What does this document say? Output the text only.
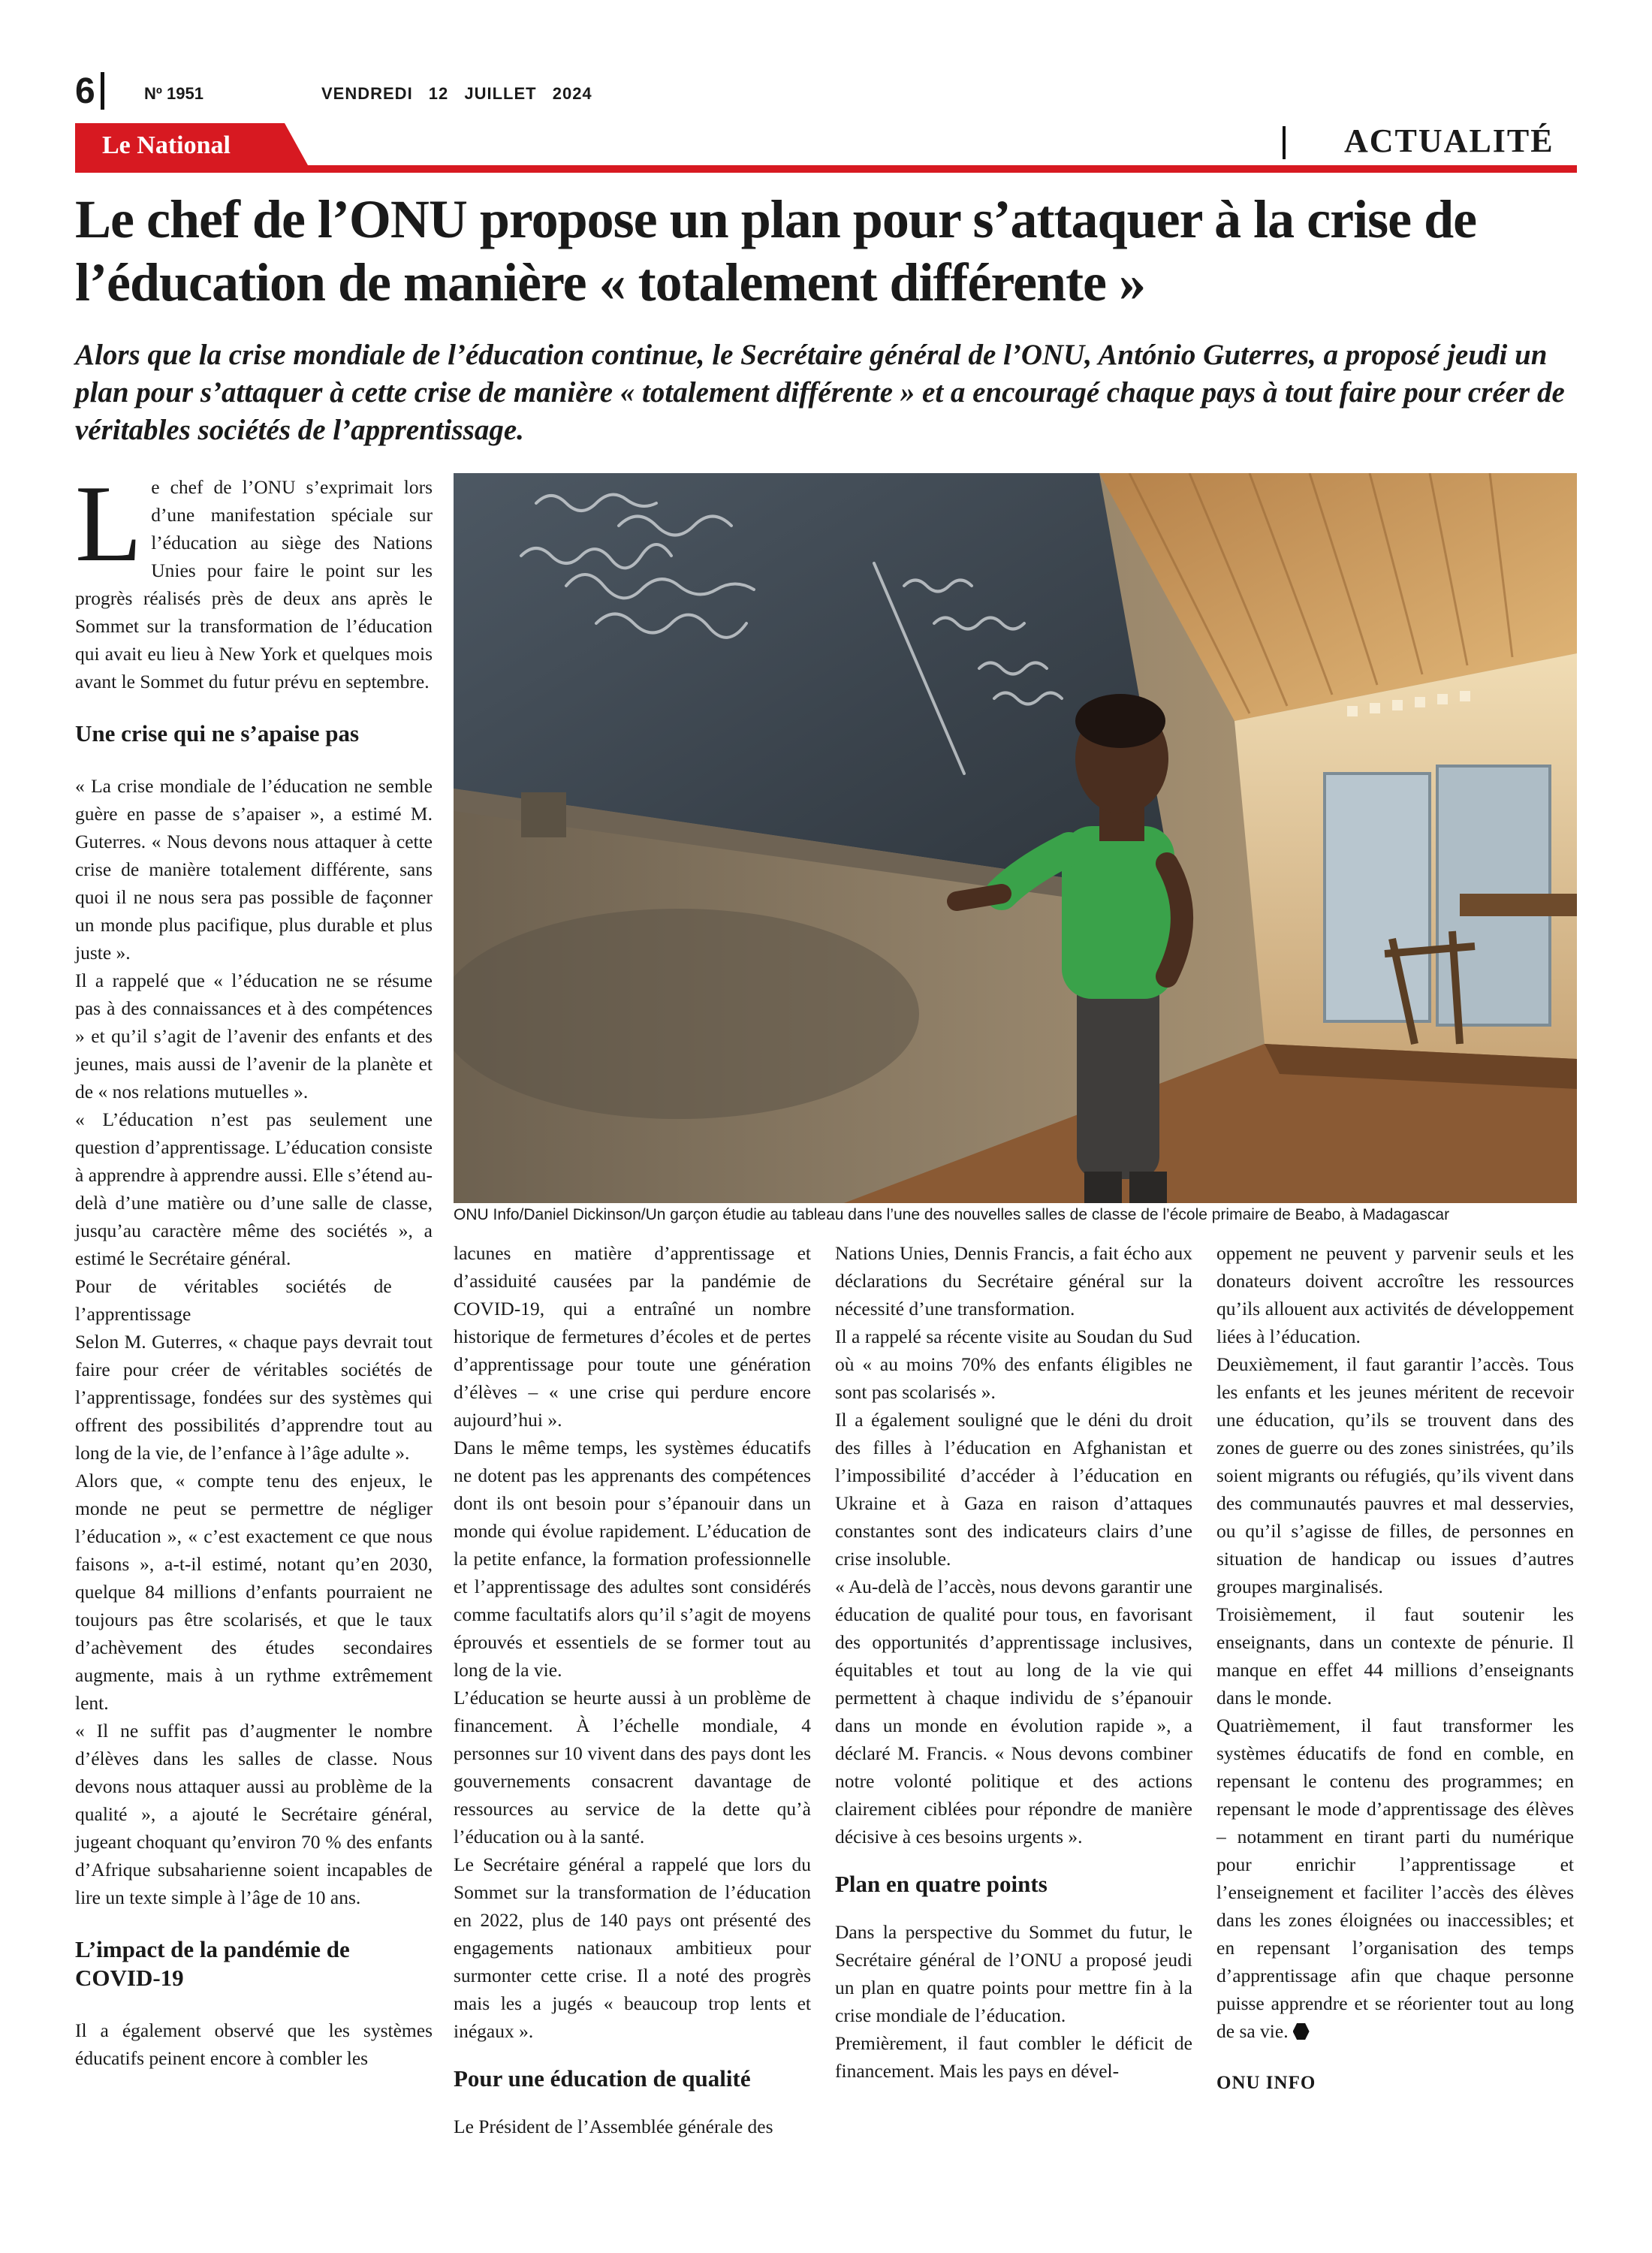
6	Nº 1951	VENDREDI 12 JUILLET 2024
Le National	ACTUALITÉ
Le chef de l’ONU propose un plan pour s’attaquer à la crise de l’éducation de manière « totalement différente »

Alors que la crise mondiale de l’éducation continue, le Secrétaire général de l’ONU, António Guterres, a proposé jeudi un plan pour s’attaquer à cette crise de manière « totalement différente » et a encouragé chaque pays à tout faire pour créer de véritables sociétés de l’apprentissage.

ONU Info/Daniel Dickinson/Un garçon étudie au tableau dans l’une des nouvelles salles de classe de l’école primaire de Beabo, à Madagascar

Le chef de l’ONU s’exprimait lors d’une manifestation spéciale sur l’éducation au siège des Nations Unies pour faire le point sur les progrès réalisés près de deux ans après le Sommet sur la transformation de l’éducation qui avait eu lieu à New York et quelques mois avant le Sommet du futur prévu en septembre.

Une crise qui ne s’apaise pas

« La crise mondiale de l’éducation ne semble guère en passe de s’apaiser », a estimé M. Guterres. « Nous devons nous attaquer à cette crise de manière totalement différente, sans quoi il ne nous sera pas possible de façonner un monde plus pacifique, plus durable et plus juste ».

Il a rappelé que « l’éducation ne se résume pas à des connaissances et à des compétences » et qu’il s’agit de l’avenir des enfants et des jeunes, mais aussi de l’avenir de la planète et de « nos relations mutuelles ».

« L’éducation n’est pas seulement une question d’apprentissage. L’éducation consiste à apprendre à apprendre aussi. Elle s’étend au-delà d’une matière ou d’une salle de classe, jusqu’au caractère même des sociétés », a estimé le Secrétaire général.

Pour de véritables sociétés de l’apprentissage

Selon M. Guterres, « chaque pays devrait tout faire pour créer de véritables sociétés de l’apprentissage, fondées sur des systèmes qui offrent des possibilités d’apprendre tout au long de la vie, de l’enfance à l’âge adulte ».

Alors que, « compte tenu des enjeux, le monde ne peut se permettre de négliger l’éducation », « c’est exactement ce que nous faisons », a-t-il estimé, notant qu’en 2030, quelque 84 millions d’enfants pourraient ne toujours pas être scolarisés, et que le taux d’achèvement des études secondaires augmente, mais à un rythme extrêmement lent.

« Il ne suffit pas d’augmenter le nombre d’élèves dans les salles de classe. Nous devons nous attaquer aussi au problème de la qualité », a ajouté le Secrétaire général, jugeant choquant qu’environ 70 % des enfants d’Afrique subsaharienne soient incapables de lire un texte simple à l’âge de 10 ans.

L’impact de la pandémie de COVID-19

Il a également observé que les systèmes éducatifs peinent encore à combler les

lacunes en matière d’apprentissage et d’assiduité causées par la pandémie de COVID-19, qui a entraîné un nombre historique de fermetures d’écoles et de pertes d’apprentissage pour toute une génération d’élèves – « une crise qui perdure encore aujourd’hui ».

Dans le même temps, les systèmes éducatifs ne dotent pas les apprenants des compétences dont ils ont besoin pour s’épanouir dans un monde qui évolue rapidement. L’éducation de la petite enfance, la formation professionnelle et l’apprentissage des adultes sont considérés comme facultatifs alors qu’il s’agit de moyens éprouvés et essentiels de se former tout au long de la vie.

L’éducation se heurte aussi à un problème de financement. À l’échelle mondiale, 4 personnes sur 10 vivent dans des pays dont les gouvernements consacrent davantage de ressources au service de la dette qu’à l’éducation ou à la santé.

Le Secrétaire général a rappelé que lors du Sommet sur la transformation de l’éducation en 2022, plus de 140 pays ont présenté des engagements nationaux ambitieux pour surmonter cette crise. Il a noté des progrès mais les a jugés « beaucoup trop lents et inégaux ».

Pour une éducation de qualité

Le Président de l’Assemblée générale des

Nations Unies, Dennis Francis, a fait écho aux déclarations du Secrétaire général sur la nécessité d’une transformation.

Il a rappelé sa récente visite au Soudan du Sud où « au moins 70% des enfants éligibles ne sont pas scolarisés ».

Il a également souligné que le déni du droit des filles à l’éducation en Afghanistan et l’impossibilité d’accéder à l’éducation en Ukraine et à Gaza en raison d’attaques constantes sont des indicateurs clairs d’une crise insoluble.

« Au-delà de l’accès, nous devons garantir une éducation de qualité pour tous, en favorisant des opportunités d’apprentissage inclusives, équitables et tout au long de la vie qui permettent à chaque individu de s’épanouir dans un monde en évolution rapide », a déclaré M. Francis. « Nous devons combiner notre volonté politique et des actions clairement ciblées pour répondre de manière décisive à ces besoins urgents ».

Plan en quatre points

Dans la perspective du Sommet du futur, le Secrétaire général de l’ONU a proposé jeudi un plan en quatre points pour mettre fin à la crise mondiale de l’éducation.

Premièrement, il faut combler le déficit de financement. Mais les pays en dével-

oppement ne peuvent y parvenir seuls et les donateurs doivent accroître les ressources qu’ils allouent aux activités de développement liées à l’éducation.

Deuxièmement, il faut garantir l’accès. Tous les enfants et les jeunes méritent de recevoir une éducation, qu’ils se trouvent dans des zones de guerre ou des zones sinistrées, qu’ils soient migrants ou réfugiés, qu’ils vivent dans des communautés pauvres et mal desservies, ou qu’il s’agisse de filles, de personnes en situation de handicap ou issues d’autres groupes marginalisés.

Troisièmement, il faut soutenir les enseignants, dans un contexte de pénurie. Il manque en effet 44 millions d’enseignants dans le monde.

Quatrièmement, il faut transformer les systèmes éducatifs de fond en comble, en repensant le contenu des programmes; en repensant le mode d’apprentissage des élèves – notamment en tirant parti du numérique pour enrichir l’apprentissage et l’enseignement et faciliter l’accès des élèves dans les zones éloignées ou inaccessibles; et en repensant l’organisation des temps d’apprentissage afin que chaque personne puisse apprendre et se réorienter tout au long de sa vie.

ONU INFO
